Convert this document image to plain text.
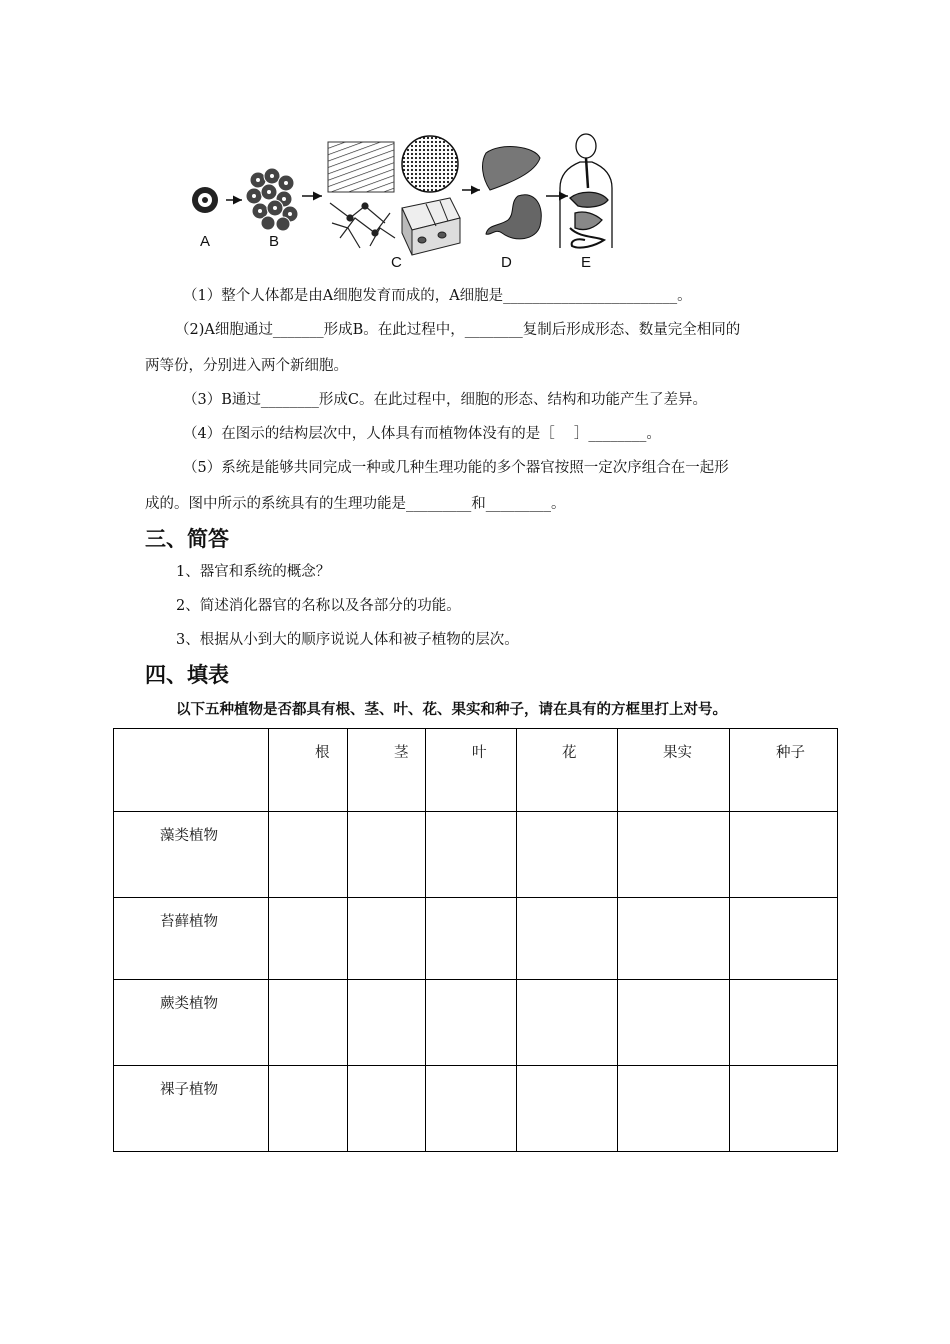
A	B
C	D	E
（1）整个人体都是由A细胞发育而成的，A细胞是________________________。
（2)A细胞通过_______形成B。在此过程中，________复制后形成形态、数量完全相同的
两等份，分别进入两个新细胞。
（3）B通过________形成C。在此过程中，细胞的形态、结构和功能产生了差异。
（4）在图示的结构层次中，人体具有而植物体没有的是［　 ］________。
（5）系统是能够共同完成一种或几种生理功能的多个器官按照一定次序组合在一起形
成的。图中所示的系统具有的生理功能是_________和_________。
三、简答
1、器官和系统的概念？
2、简述消化器官的名称以及各部分的功能。
3、根据从小到大的顺序说说人体和被子植物的层次。
四、填表
以下五种植物是否都具有根、茎、叶、花、果实和种子，请在具有的方框里打上对号。

	根	茎	叶	花	果实	种子

藻类植物						

苔藓植物						

蕨类植物						

裸子植物						
